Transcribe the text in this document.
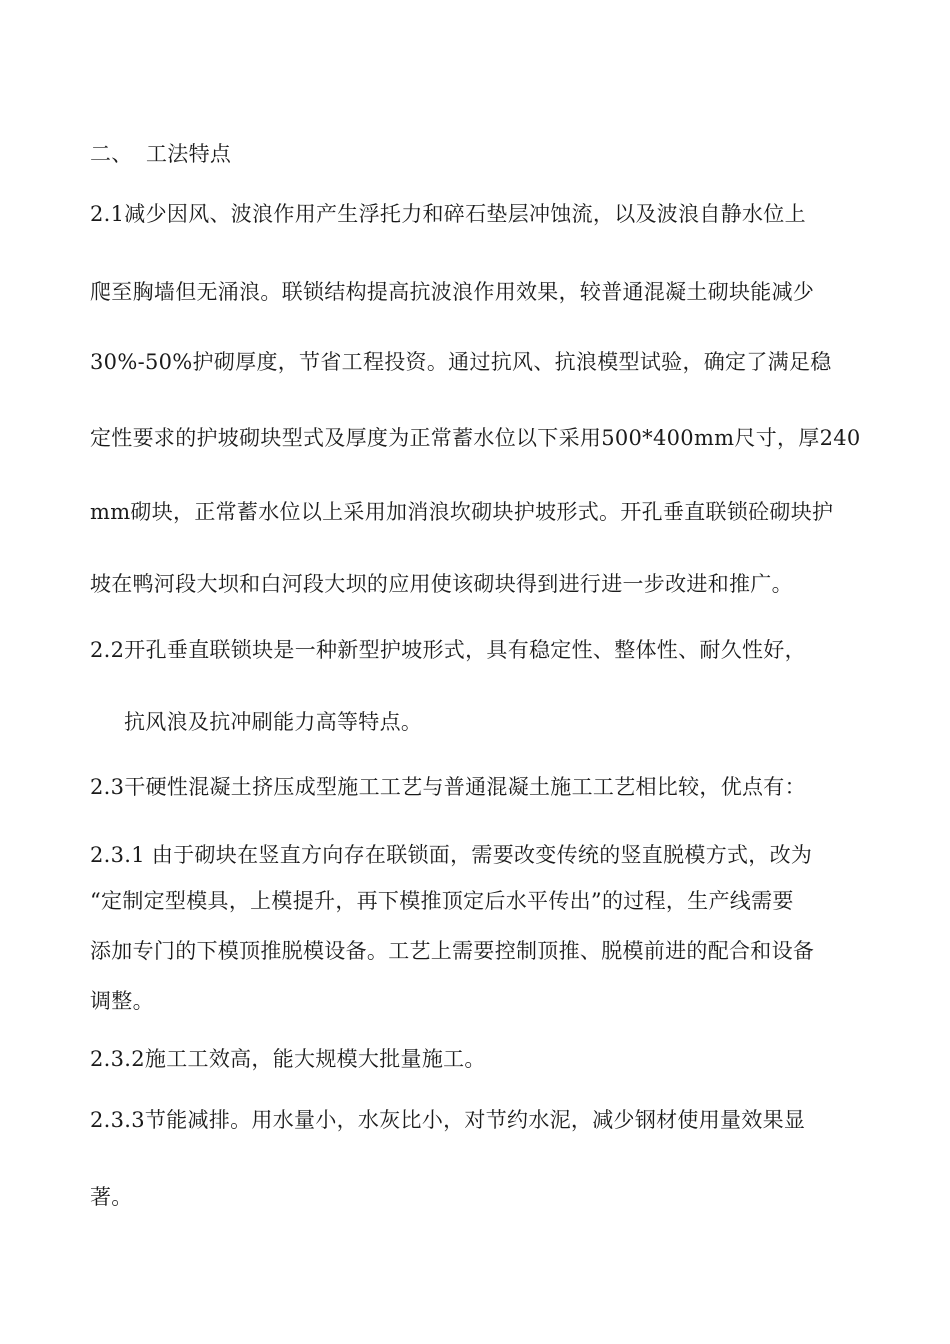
二、 工法特点
2.1减少因风、波浪作用产生浮托力和碎石垫层冲蚀流，以及波浪自静水位上
爬至胸墙但无涌浪。联锁结构提高抗波浪作用效果，较普通混凝土砌块能减少
30%-50%护砌厚度，节省工程投资。通过抗风、抗浪模型试验，确定了满足稳
定性要求的护坡砌块型式及厚度为正常蓄水位以下采用500*400mm尺寸，厚240
mm砌块，正常蓄水位以上采用加消浪坎砌块护坡形式。开孔垂直联锁砼砌块护
坡在鸭河段大坝和白河段大坝的应用使该砌块得到进行进一步改进和推广。
2.2开孔垂直联锁块是一种新型护坡形式，具有稳定性、整体性、耐久性好，
抗风浪及抗冲刷能力高等特点。
2.3干硬性混凝土挤压成型施工工艺与普通混凝土施工工艺相比较，优点有：
2.3.1 由于砌块在竖直方向存在联锁面，需要改变传统的竖直脱模方式，改为
“定制定型模具，上模提升，再下模推顶定后水平传出”的过程，生产线需要
添加专门的下模顶推脱模设备。工艺上需要控制顶推、脱模前进的配合和设备
调整。
2.3.2施工工效高，能大规模大批量施工。
2.3.3节能减排。用水量小，水灰比小，对节约水泥，减少钢材使用量效果显
著。
